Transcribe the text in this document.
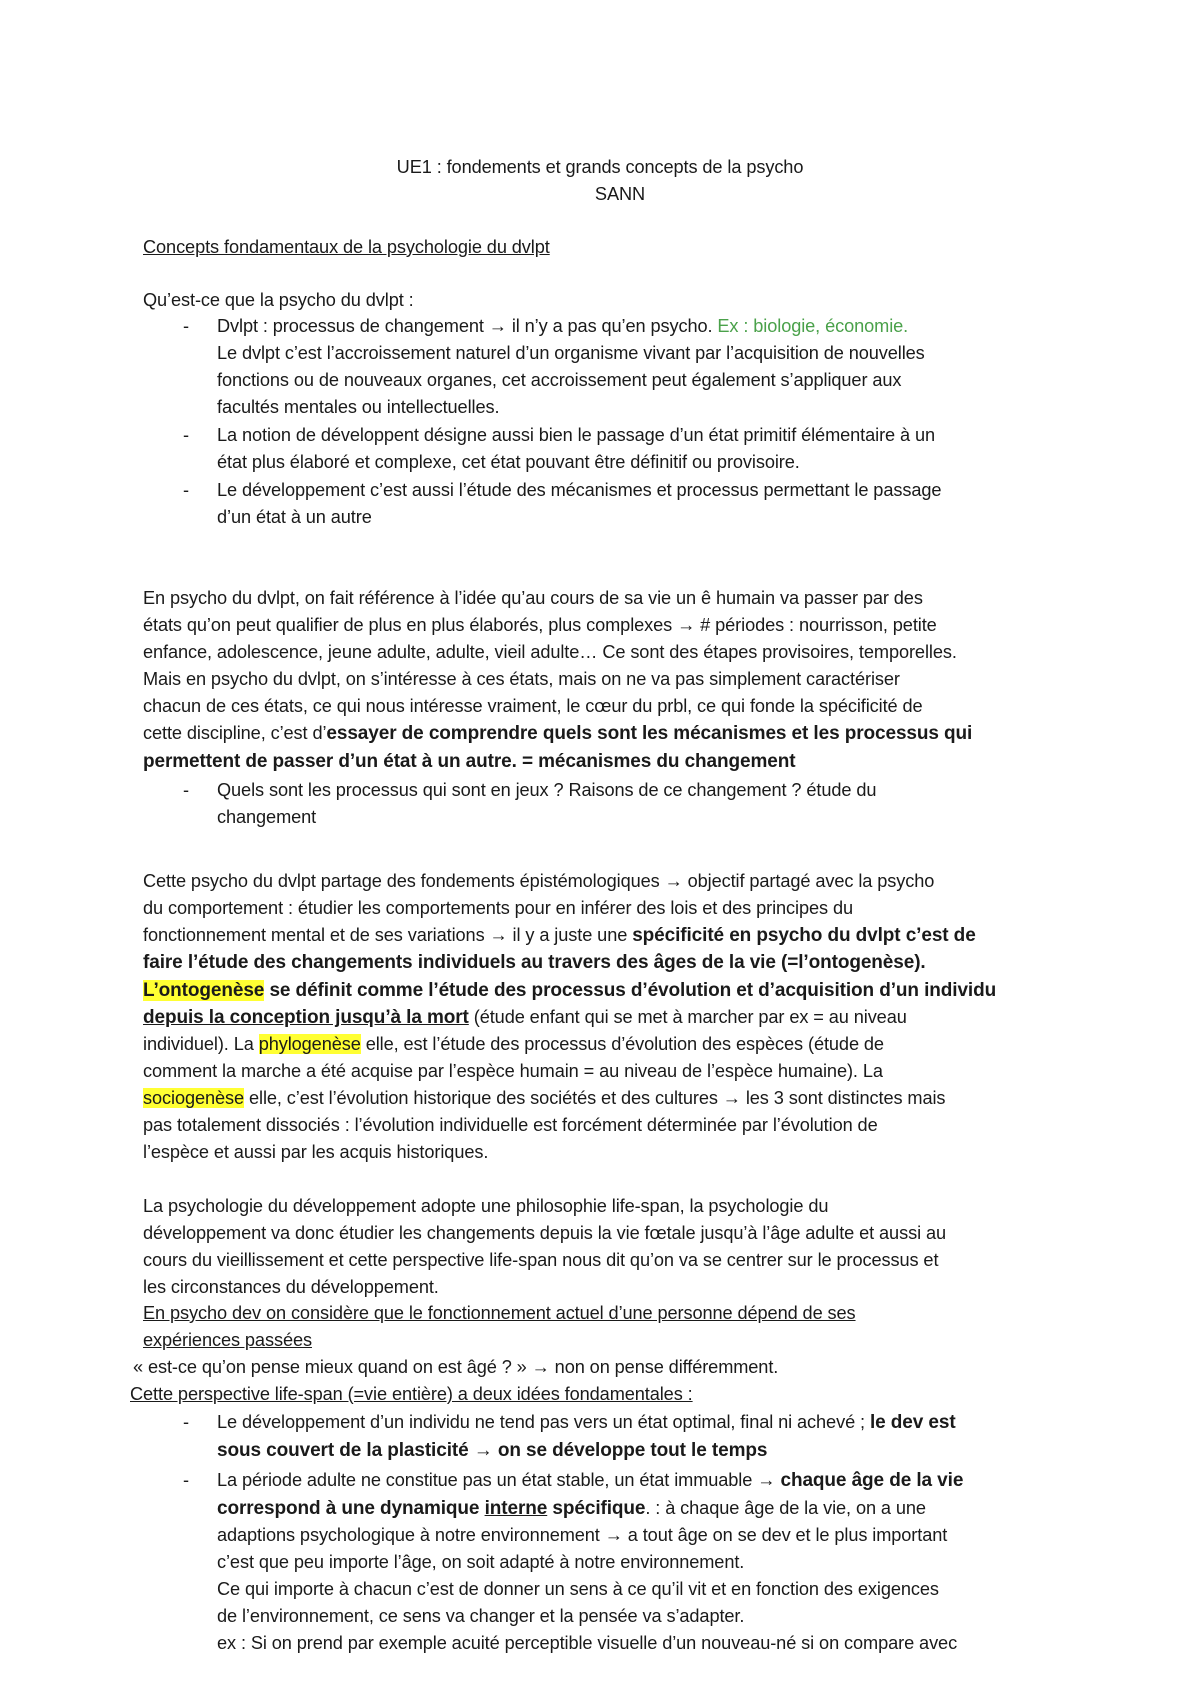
UE1 : fondements et grands concepts de la psycho
SANN
Concepts fondamentaux de la psychologie du dvlpt
Qu’est-ce que la psycho du dvlpt :
- Dvlpt : processus de changement → il n’y a pas qu’en psycho. Ex : biologie, économie.
Le dvlpt c’est l’accroissement naturel d’un organisme vivant par l’acquisition de nouvelles
fonctions ou de nouveaux organes, cet accroissement peut également s’appliquer aux
facultés mentales ou intellectuelles.
- La notion de développent désigne aussi bien le passage d’un état primitif élémentaire à un
état plus élaboré et complexe, cet état pouvant être définitif ou provisoire.
- Le développement c’est aussi l’étude des mécanismes et processus permettant le passage
d’un état à un autre
En psycho du dvlpt, on fait référence à l’idée qu’au cours de sa vie un ê humain va passer par des
états qu’on peut qualifier de plus en plus élaborés, plus complexes → # périodes : nourrisson, petite
enfance, adolescence, jeune adulte, adulte, vieil adulte… Ce sont des étapes provisoires, temporelles.
Mais en psycho du dvlpt, on s’intéresse à ces états, mais on ne va pas simplement caractériser
chacun de ces états, ce qui nous intéresse vraiment, le cœur du prbl, ce qui fonde la spécificité de
cette discipline, c’est d’essayer de comprendre quels sont les mécanismes et les processus qui
permettent de passer d’un état à un autre. = mécanismes du changement
- Quels sont les processus qui sont en jeux ? Raisons de ce changement ? étude du
changement
Cette psycho du dvlpt partage des fondements épistémologiques → objectif partagé avec la psycho
du comportement : étudier les comportements pour en inférer des lois et des principes du
fonctionnement mental et de ses variations → il y a juste une spécificité en psycho du dvlpt c’est de
faire l’étude des changements individuels au travers des âges de la vie (=l’ontogenèse).
L’ontogenèse se définit comme l’étude des processus d’évolution et d’acquisition d’un individu
depuis la conception jusqu’à la mort (étude enfant qui se met à marcher par ex = au niveau
individuel). La phylogenèse elle, est l’étude des processus d’évolution des espèces (étude de
comment la marche a été acquise par l’espèce humain = au niveau de l’espèce humaine). La
sociogenèse elle, c’est l’évolution historique des sociétés et des cultures → les 3 sont distinctes mais
pas totalement dissociés : l’évolution individuelle est forcément déterminée par l’évolution de
l’espèce et aussi par les acquis historiques.
La psychologie du développement adopte une philosophie life-span, la psychologie du
développement va donc étudier les changements depuis la vie fœtale jusqu’à l’âge adulte et aussi au
cours du vieillissement et cette perspective life-span nous dit qu’on va se centrer sur le processus et
les circonstances du développement.
En psycho dev on considère que le fonctionnement actuel d’une personne dépend de ses
expériences passées
« est-ce qu’on pense mieux quand on est âgé ? » → non on pense différemment.
Cette perspective life-span (=vie entière) a deux idées fondamentales :
- Le développement d’un individu ne tend pas vers un état optimal, final ni achevé ; le dev est
sous couvert de la plasticité → on se développe tout le temps
- La période adulte ne constitue pas un état stable, un état immuable → chaque âge de la vie
correspond à une dynamique interne spécifique. : à chaque âge de la vie, on a une
adaptions psychologique à notre environnement → a tout âge on se dev et le plus important
c’est que peu importe l’âge, on soit adapté à notre environnement.
Ce qui importe à chacun c’est de donner un sens à ce qu’il vit et en fonction des exigences
de l’environnement, ce sens va changer et la pensée va s’adapter.
ex : Si on prend par exemple acuité perceptible visuelle d’un nouveau-né si on compare avec
